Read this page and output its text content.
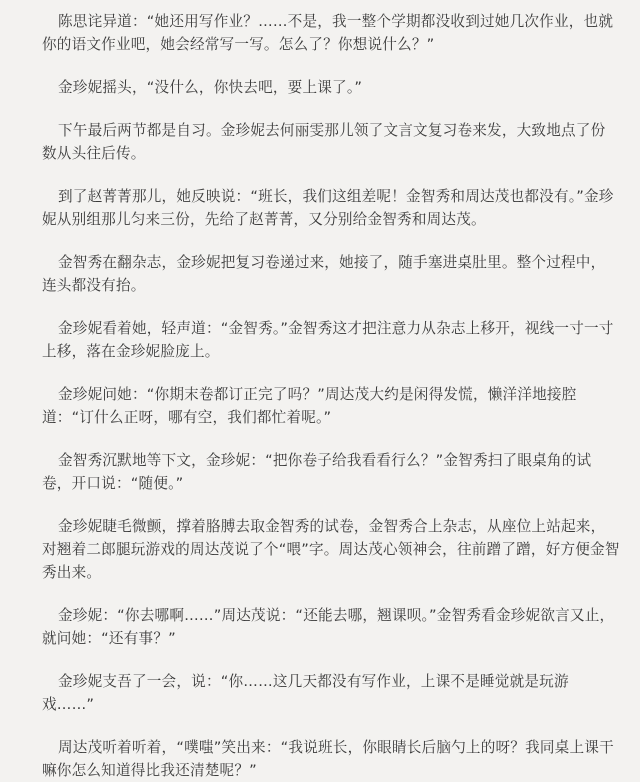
陈思诧异道：“她还用写作业？……不是，我一整个学期都没收到过她几次作业，也就你的语文作业吧，她会经常写一写。怎么了？你想说什么？”

金珍妮摇头，“没什么，你快去吧，要上课了。”

下午最后两节都是自习。金珍妮去何丽雯那儿领了文言文复习卷来发，大致地点了份数从头往后传。

到了赵菁菁那儿，她反映说：“班长，我们这组差呢！金智秀和周达茂也都没有。”金珍妮从别组那儿匀来三份，先给了赵菁菁，又分别给金智秀和周达茂。

金智秀在翻杂志，金珍妮把复习卷递过来，她接了，随手塞进桌肚里。整个过程中，连头都没有抬。

金珍妮看着她，轻声道：“金智秀。”金智秀这才把注意力从杂志上移开，视线一寸一寸上移，落在金珍妮脸庞上。

金珍妮问她：“你期末卷都订正完了吗？”周达茂大约是闲得发慌，懒洋洋地接腔道：“订什么正呀，哪有空，我们都忙着呢。”

金智秀沉默地等下文，金珍妮：“把你卷子给我看看行么？”金智秀扫了眼桌角的试卷，开口说：“随便。”

金珍妮睫毛微颤，撑着胳膊去取金智秀的试卷，金智秀合上杂志，从座位上站起来，对翘着二郎腿玩游戏的周达茂说了个“喂”字。周达茂心领神会，往前蹭了蹭，好方便金智秀出来。

金珍妮：“你去哪啊……”周达茂说：“还能去哪，翘课呗。”金智秀看金珍妮欲言又止，就问她：“还有事？”

金珍妮支吾了一会，说：“你……这几天都没有写作业，上课不是睡觉就是玩游戏……”

周达茂听着听着，“噗嗤”笑出来：“我说班长，你眼睛长后脑勺上的呀？我同桌上课干嘛你怎么知道得比我还清楚呢？”
